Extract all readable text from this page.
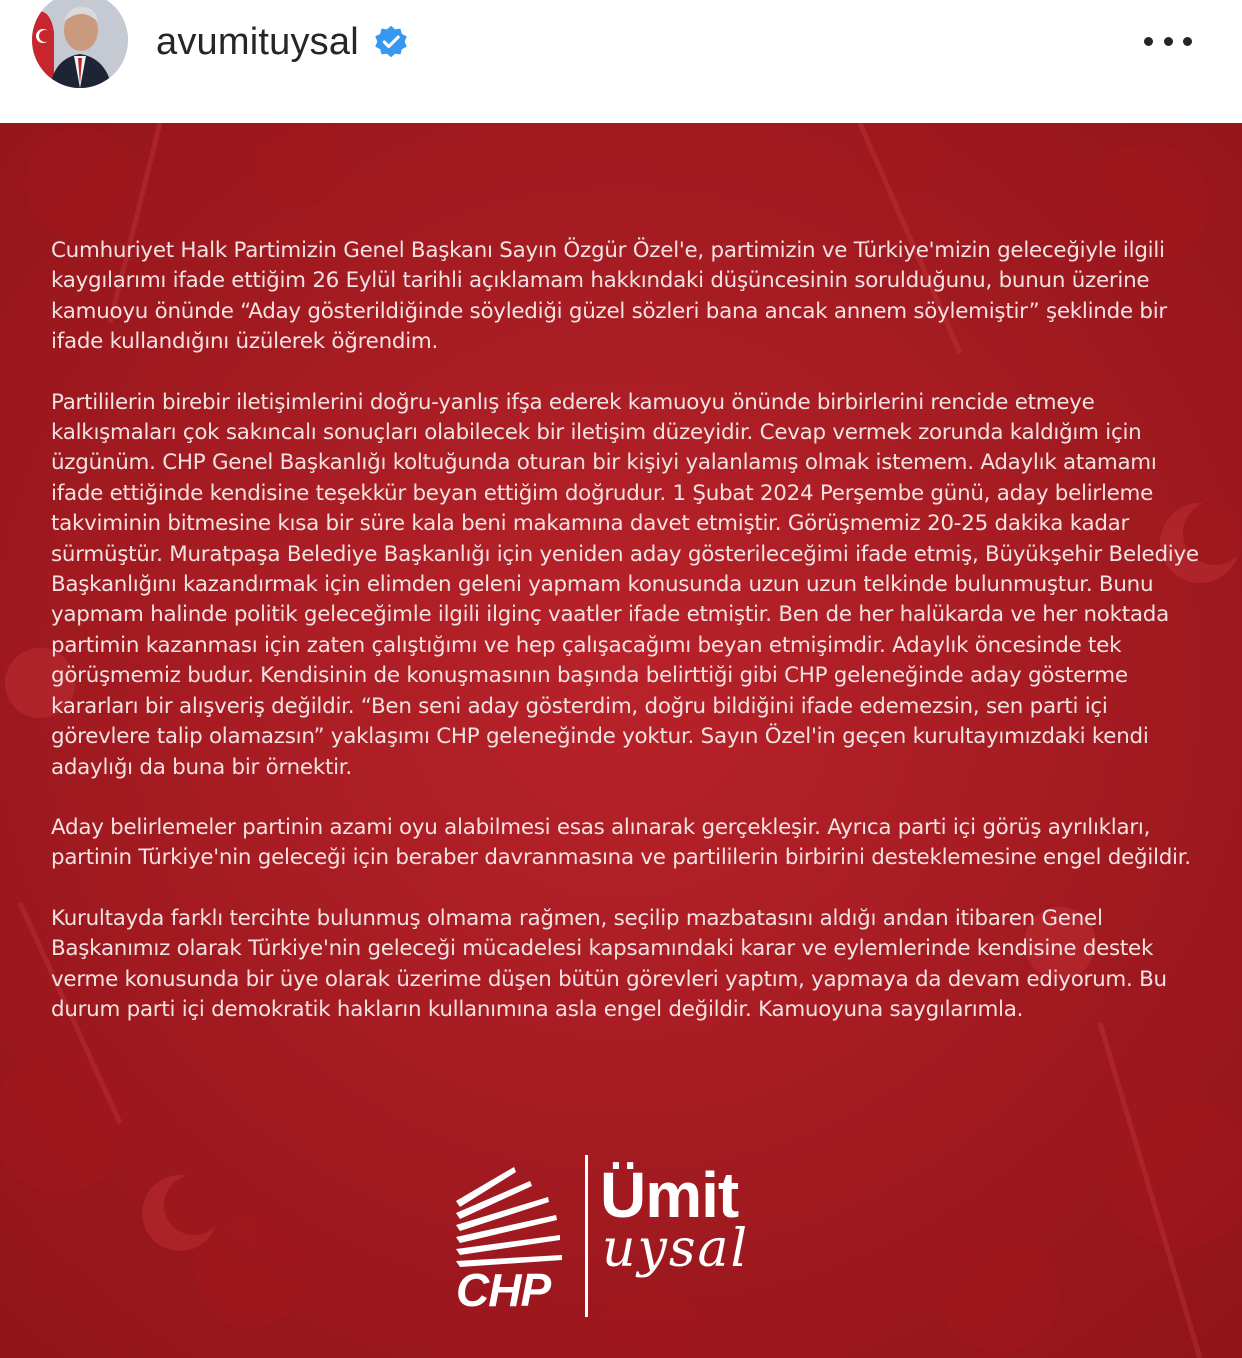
avumituysal

Cumhuriyet Halk Partimizin Genel Başkanı Sayın Özgür Özel'e, partimizin ve Türkiye'mizin geleceğiyle ilgili kaygılarımı ifade ettiğim 26 Eylül tarihli açıklamam hakkındaki düşüncesinin sorulduğunu, bunun üzerine kamuoyu önünde “Aday gösterildiğinde söylediği güzel sözleri bana ancak annem söylemiştir” şeklinde bir ifade kullandığını üzülerek öğrendim.

Partililerin birebir iletişimlerini doğru-yanlış ifşa ederek kamuoyu önünde birbirlerini rencide etmeye kalkışmaları çok sakıncalı sonuçları olabilecek bir iletişim düzeyidir. Cevap vermek zorunda kaldığım için üzgünüm. CHP Genel Başkanlığı koltuğunda oturan bir kişiyi yalanlamış olmak istemem. Adaylık atamamı ifade ettiğinde kendisine teşekkür beyan ettiğim doğrudur. 1 Şubat 2024 Perşembe günü, aday belirleme takviminin bitmesine kısa bir süre kala beni makamına davet etmiştir. Görüşmemiz 20-25 dakika kadar sürmüştür. Muratpaşa Belediye Başkanlığı için yeniden aday gösterileceğimi ifade etmiş, Büyükşehir Belediye Başkanlığını kazandırmak için elimden geleni yapmam konusunda uzun uzun telkinde bulunmuştur. Bunu yapmam halinde politik geleceğimle ilgili ilginç vaatler ifade etmiştir. Ben de her halükarda ve her noktada partimin kazanması için zaten çalıştığımı ve hep çalışacağımı beyan etmişimdir. Adaylık öncesinde tek görüşmemiz budur. Kendisinin de konuşmasının başında belirttiği gibi CHP geleneğinde aday gösterme kararları bir alışveriş değildir. “Ben seni aday gösterdim, doğru bildiğini ifade edemezsin, sen parti içi görevlere talip olamazsın” yaklaşımı CHP geleneğinde yoktur. Sayın Özel'in geçen kurultayımızdaki kendi adaylığı da buna bir örnektir.

Aday belirlemeler partinin azami oyu alabilmesi esas alınarak gerçekleşir. Ayrıca parti içi görüş ayrılıkları, partinin Türkiye'nin geleceği için beraber davranmasına ve partililerin birbirini desteklemesine engel değildir.

Kurultayda farklı tercihte bulunmuş olmama rağmen, seçilip mazbatasını aldığı andan itibaren Genel Başkanımız olarak Türkiye'nin geleceği mücadelesi kapsamındaki karar ve eylemlerinde kendisine destek verme konusunda bir üye olarak üzerime düşen bütün görevleri yaptım, yapmaya da devam ediyorum. Bu durum parti içi demokratik hakların kullanımına asla engel değildir. Kamuoyuna saygılarımla.

CHP
Ümit
uysal
